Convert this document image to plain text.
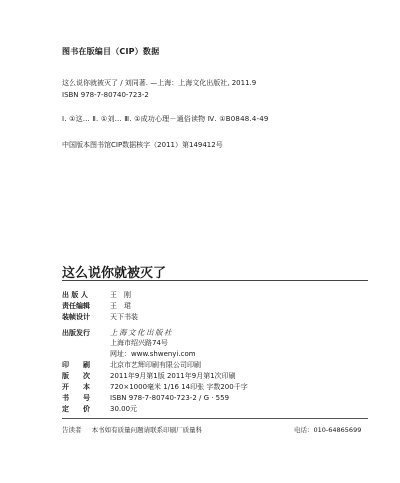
图书在版编目（CIP）数据
这么说你就被灭了 / 刘同著. —上海：上海文化出版社, 2011.9
ISBN 978-7-80740-723-2
Ⅰ. ①这… Ⅱ. ①刘… Ⅲ. ①成功心理－通俗读物 Ⅳ. ①B0848.4-49
中国版本图书馆CIP数据核字（2011）第149412号
这么说你就被灭了
出 版 人	王　刚
责任编辑	王　珺
装帧设计	天下书装
出版发行	上海文化出版社
上海市绍兴路74号
网址：www.shwenyi.com
印　　刷	北京市艺辉印刷有限公司印刷
版　　次	2011年9月第1版 2011年9月第1次印刷
开　　本	720×1000毫米 1/16 14印张 字数200千字
书　　号	ISBN 978-7-80740-723-2 / G · 559
定　　价	30.00元
告读者 本书如有质量问题请联系印刷厂质量科	电话：010-64865699
